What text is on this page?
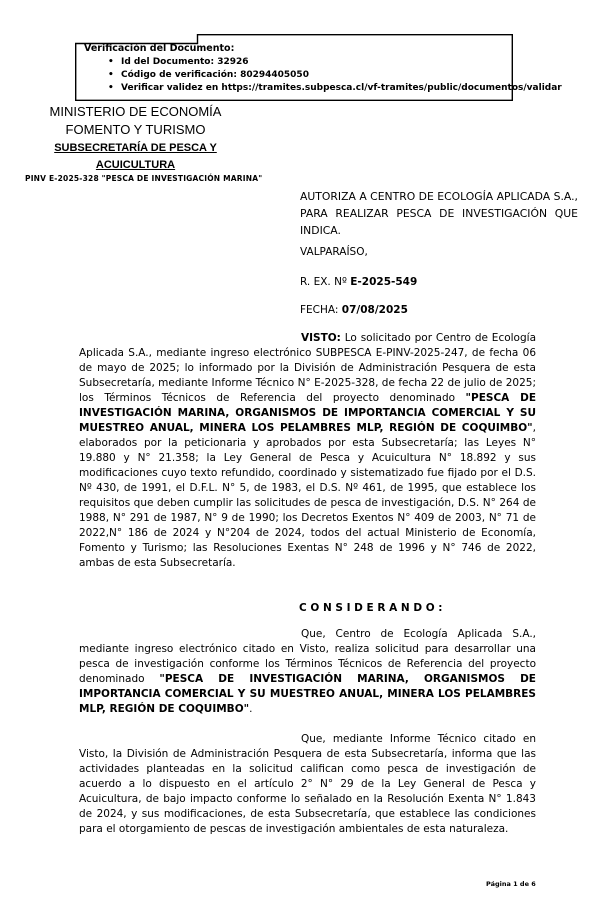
Verificación del Documento:
• Id del Documento: 32926
• Código de verificación: 80294405050
• Verificar validez en https://tramites.subpesca.cl/vf-tramites/public/documentos/validar
MINISTERIO DE ECONOMÍA
FOMENTO Y TURISMO
SUBSECRETARÍA DE PESCA Y
ACUICULTURA
PINV E-2025-328 "PESCA DE INVESTIGACIÓN MARINA"
AUTORIZA A CENTRO DE ECOLOGÍA APLICADA S.A., PARA REALIZAR PESCA DE INVESTIGACIÓN QUE INDICA.
VALPARAÍSO,
R. EX. Nº E-2025-549
FECHA: 07/08/2025

VISTO: Lo solicitado por Centro de Ecología Aplicada S.A., mediante ingreso electrónico SUBPESCA E-PINV-2025-247, de fecha 06 de mayo de 2025; lo informado por la División de Administración Pesquera de esta Subsecretaría, mediante Informe Técnico N° E-2025-328, de fecha 22 de julio de 2025; los Términos Técnicos de Referencia del proyecto denominado "PESCA DE INVESTIGACIÓN MARINA, ORGANISMOS DE IMPORTANCIA COMERCIAL Y SU MUESTREO ANUAL, MINERA LOS PELAMBRES MLP, REGIÓN DE COQUIMBO", elaborados por la peticionaria y aprobados por esta Subsecretaría; las Leyes N° 19.880 y N° 21.358; la Ley General de Pesca y Acuicultura N° 18.892 y sus modificaciones cuyo texto refundido, coordinado y sistematizado fue fijado por el D.S. Nº 430, de 1991, el D.F.L. N° 5, de 1983, el D.S. Nº 461, de 1995, que establece los requisitos que deben cumplir las solicitudes de pesca de investigación, D.S. N° 264 de 1988, N° 291 de 1987, N° 9 de 1990; los Decretos Exentos N° 409 de 2003, N° 71 de 2022,N° 186 de 2024 y N°204 de 2024, todos del actual Ministerio de Economía, Fomento y Turismo; las Resoluciones Exentas N° 248 de 1996 y N° 746 de 2022, ambas de esta Subsecretaría.

C O N S I D E R A N D O :

Que, Centro de Ecología Aplicada S.A., mediante ingreso electrónico citado en Visto, realiza solicitud para desarrollar una pesca de investigación conforme los Términos Técnicos de Referencia del proyecto denominado "PESCA DE INVESTIGACIÓN MARINA, ORGANISMOS DE IMPORTANCIA COMERCIAL Y SU MUESTREO ANUAL, MINERA LOS PELAMBRES MLP, REGIÓN DE COQUIMBO".

Que, mediante Informe Técnico citado en Visto, la División de Administración Pesquera de esta Subsecretaría, informa que las actividades planteadas en la solicitud califican como pesca de investigación de acuerdo a lo dispuesto en el artículo 2° N° 29 de la Ley General de Pesca y Acuicultura, de bajo impacto conforme lo señalado en la Resolución Exenta N° 1.843 de 2024, y sus modificaciones, de esta Subsecretaría, que establece las condiciones para el otorgamiento de pescas de investigación ambientales de esta naturaleza.

Página 1 de 6
